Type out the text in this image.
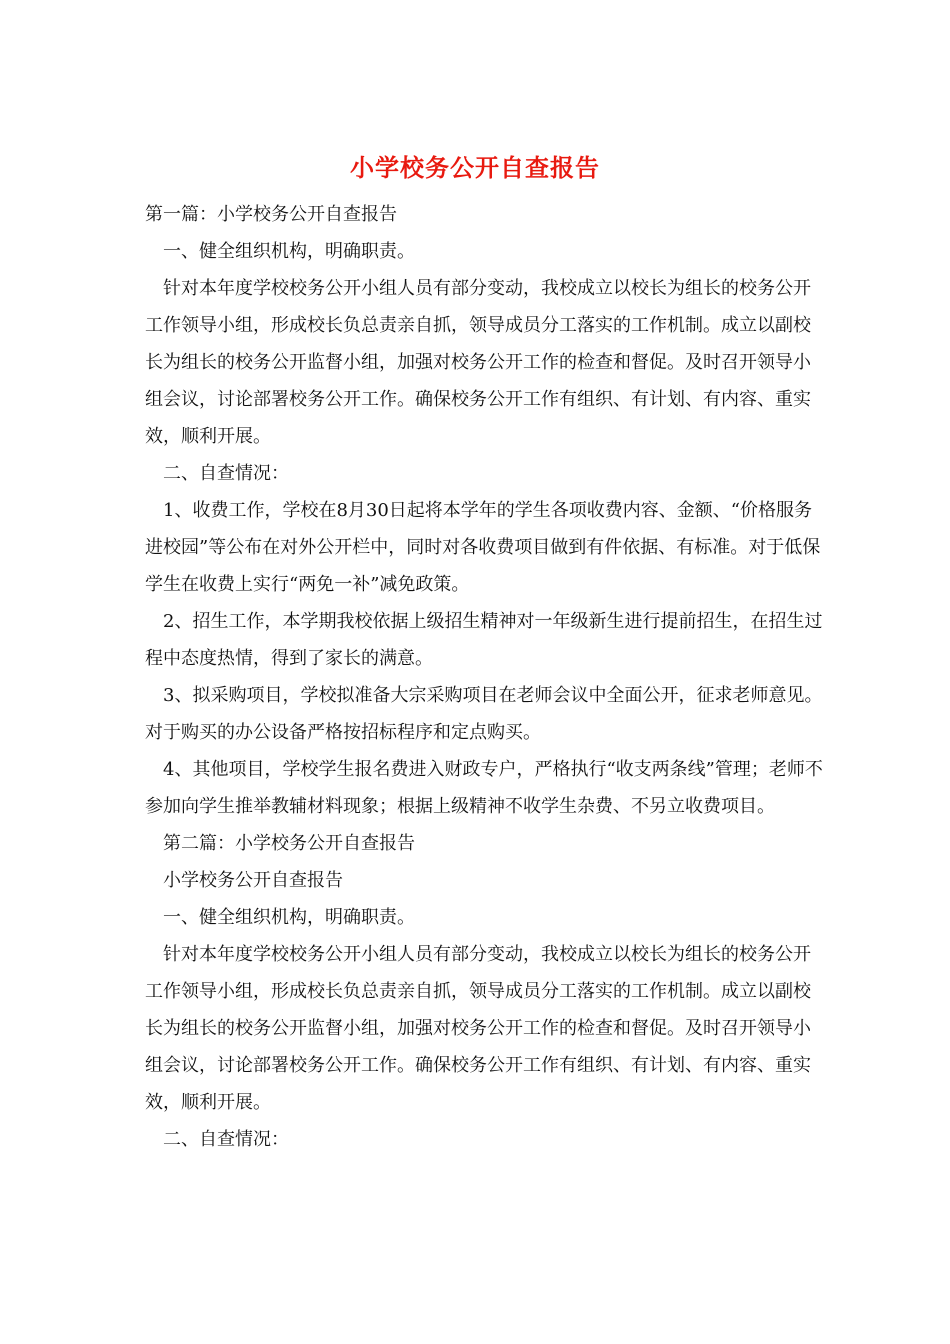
小学校务公开自查报告

第一篇：小学校务公开自查报告

一、健全组织机构，明确职责。

针对本年度学校校务公开小组人员有部分变动，我校成立以校长为组长的校务公开工作领导小组，形成校长负总责亲自抓，领导成员分工落实的工作机制。成立以副校长为组长的校务公开监督小组，加强对校务公开工作的检查和督促。及时召开领导小组会议，讨论部署校务公开工作。确保校务公开工作有组织、有计划、有内容、重实效，顺利开展。

二、自查情况：

1、收费工作，学校在8月30日起将本学年的学生各项收费内容、金额、“价格服务进校园”等公布在对外公开栏中，同时对各收费项目做到有件依据、有标准。对于低保学生在收费上实行“两免一补”减免政策。

2、招生工作，本学期我校依据上级招生精神对一年级新生进行提前招生，在招生过程中态度热情，得到了家长的满意。

3、拟采购项目，学校拟准备大宗采购项目在老师会议中全面公开，征求老师意见。对于购买的办公设备严格按招标程序和定点购买。

4、其他项目，学校学生报名费进入财政专户，严格执行“收支两条线”管理；老师不参加向学生推举教辅材料现象；根据上级精神不收学生杂费、不另立收费项目。

第二篇：小学校务公开自查报告

小学校务公开自查报告

一、健全组织机构，明确职责。

针对本年度学校校务公开小组人员有部分变动，我校成立以校长为组长的校务公开工作领导小组，形成校长负总责亲自抓，领导成员分工落实的工作机制。成立以副校长为组长的校务公开监督小组，加强对校务公开工作的检查和督促。及时召开领导小组会议，讨论部署校务公开工作。确保校务公开工作有组织、有计划、有内容、重实效，顺利开展。

二、自查情况：
